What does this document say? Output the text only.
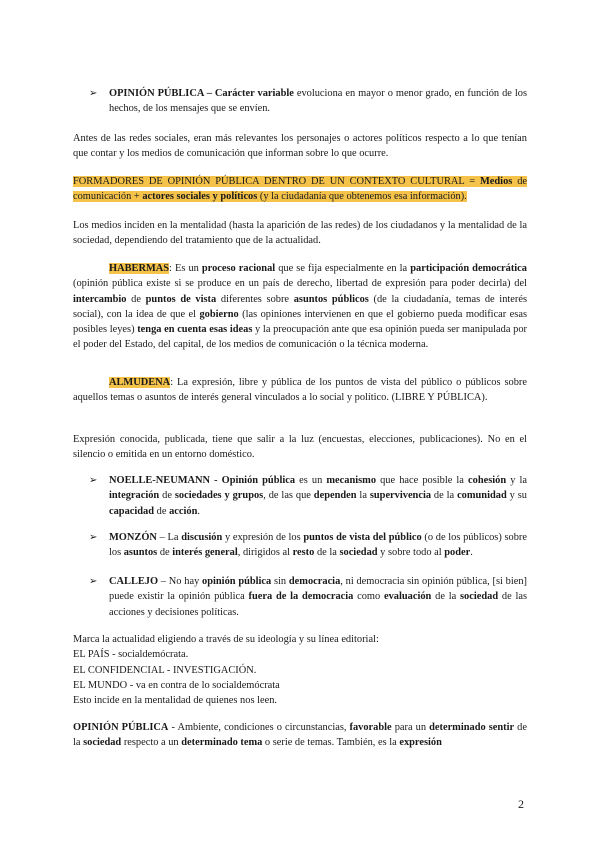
➢ OPINIÓN PÚBLICA – Carácter variable evoluciona en mayor o menor grado, en función de los hechos, de los mensajes que se envíen.
Antes de las redes sociales, eran más relevantes los personajes o actores políticos respecto a lo que tenían que contar y los medios de comunicación que informan sobre lo que ocurre.
FORMADORES DE OPINIÓN PÚBLICA DENTRO DE UN CONTEXTO CULTURAL = Medios de comunicación + actores sociales y políticos (y la ciudadanía que obtenemos esa información).
Los medios inciden en la mentalidad (hasta la aparición de las redes) de los ciudadanos y la mentalidad de la sociedad, dependiendo del tratamiento que de la actualidad.
HABERMAS: Es un proceso racional que se fija especialmente en la participación democrática (opinión pública existe si se produce en un país de derecho, libertad de expresión para poder decirla) del intercambio de puntos de vista diferentes sobre asuntos públicos (de la ciudadanía, temas de interés social), con la idea de que el gobierno (las opiniones intervienen en que el gobierno pueda modificar esas posibles leyes) tenga en cuenta esas ideas y la preocupación ante que esa opinión pueda ser manipulada por el poder del Estado, del capital, de los medios de comunicación o la técnica moderna.
ALMUDENA: La expresión, libre y pública de los puntos de vista del público o públicos sobre aquellos temas o asuntos de interés general vinculados a lo social y político. (LIBRE Y PÚBLICA).
Expresión conocida, publicada, tiene que salir a la luz (encuestas, elecciones, publicaciones). No en el silencio o emitida en un entorno doméstico.
➢ NOELLE-NEUMANN - Opinión pública es un mecanismo que hace posible la cohesión y la integración de sociedades y grupos, de las que dependen la supervivencia de la comunidad y su capacidad de acción.
➢ MONZÓN – La discusión y expresión de los puntos de vista del público (o de los públicos) sobre los asuntos de interés general, dirigidos al resto de la sociedad y sobre todo al poder.
➢ CALLEJO – No hay opinión pública sin democracia, ni democracia sin opinión pública, [si bien] puede existir la opinión pública fuera de la democracia como evaluación de la sociedad de las acciones y decisiones políticas.
Marca la actualidad eligiendo a través de su ideología y su línea editorial:
EL PAÍS - socialdemócrata.
EL CONFIDENCIAL - INVESTIGACIÓN.
EL MUNDO - va en contra de lo socialdemócrata
Esto incide en la mentalidad de quienes nos leen.
OPINIÓN PÚBLICA - Ambiente, condiciones o circunstancias, favorable para un determinado sentir de la sociedad respecto a un determinado tema o serie de temas. También, es la expresión
2
